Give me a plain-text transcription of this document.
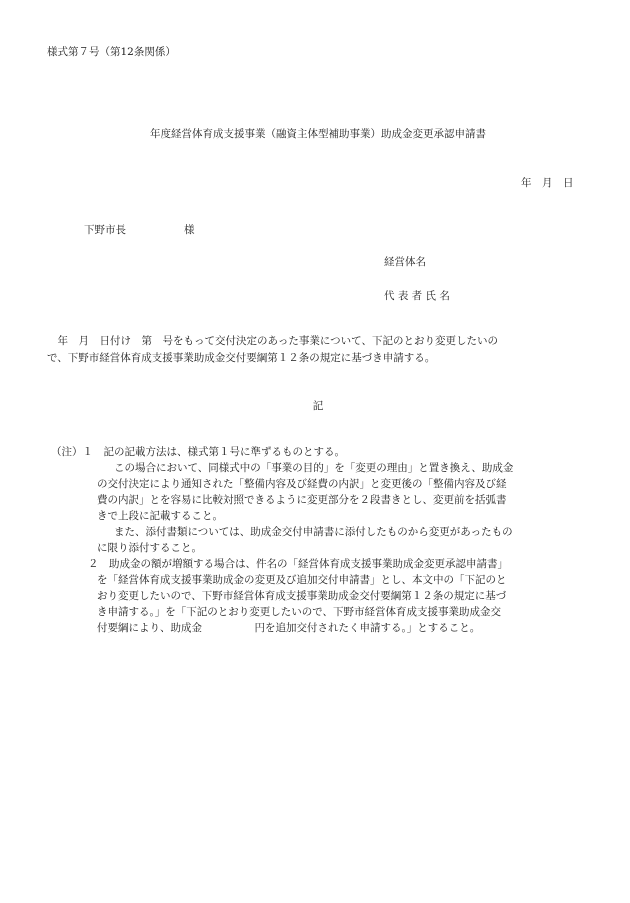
様式第７号（第12条関係）
年度経営体育成支援事業（融資主体型補助事業）助成金変更承認申請書
年　月　日
下野市長	様
経営体名
代 表 者 氏 名

　年　月　日付け　第　号をもって交付決定のあった事業について、下記のとおり変更したいの

で、下野市経営体育成支援事業助成金交付要綱第１２条の規定に基づき申請する。

記
（注）１　記の記載方法は、様式第１号に準ずるものとする。
この場合において、同様式中の「事業の目的」を「変更の理由」と置き換え、助成金
の交付決定により通知された「整備内容及び経費の内訳」と変更後の「整備内容及び経
費の内訳」とを容易に比較対照できるように変更部分を２段書きとし、変更前を括弧書
きで上段に記載すること。
また、添付書類については、助成金交付申請書に添付したものから変更があったもの
に限り添付すること。
２　助成金の額が増額する場合は、件名の「経営体育成支援事業助成金変更承認申請書」
を「経営体育成支援事業助成金の変更及び追加交付申請書」とし、本文中の「下記のと
おり変更したいので、下野市経営体育成支援事業助成金交付要綱第１２条の規定に基づ
き申請する。」を「下記のとおり変更したいので、下野市経営体育成支援事業助成金交
付要綱により、助成金　　　　　円を追加交付されたく申請する。」とすること。
